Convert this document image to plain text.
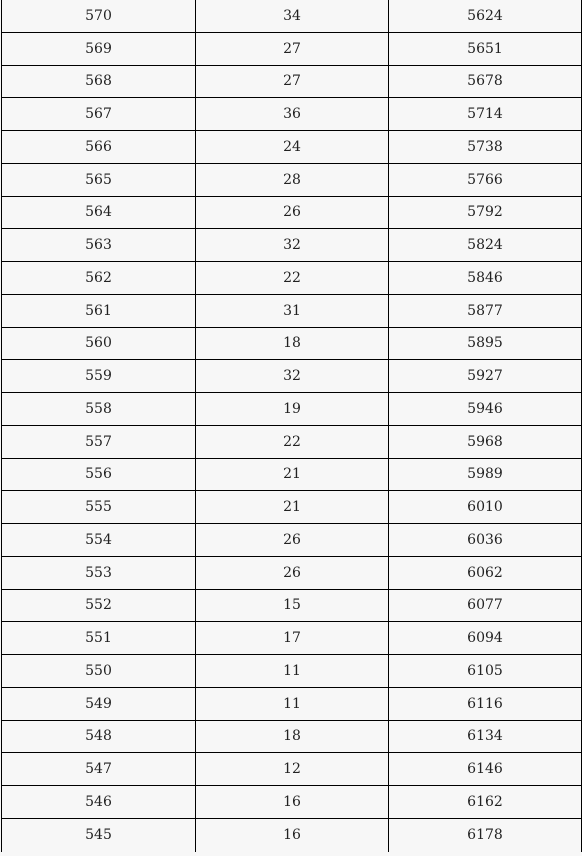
570	34	5624
569	27	5651
568	27	5678
567	36	5714
566	24	5738
565	28	5766
564	26	5792
563	32	5824
562	22	5846
561	31	5877
560	18	5895
559	32	5927
558	19	5946
557	22	5968
556	21	5989
555	21	6010
554	26	6036
553	26	6062
552	15	6077
551	17	6094
550	11	6105
549	11	6116
548	18	6134
547	12	6146
546	16	6162
545	16	6178
